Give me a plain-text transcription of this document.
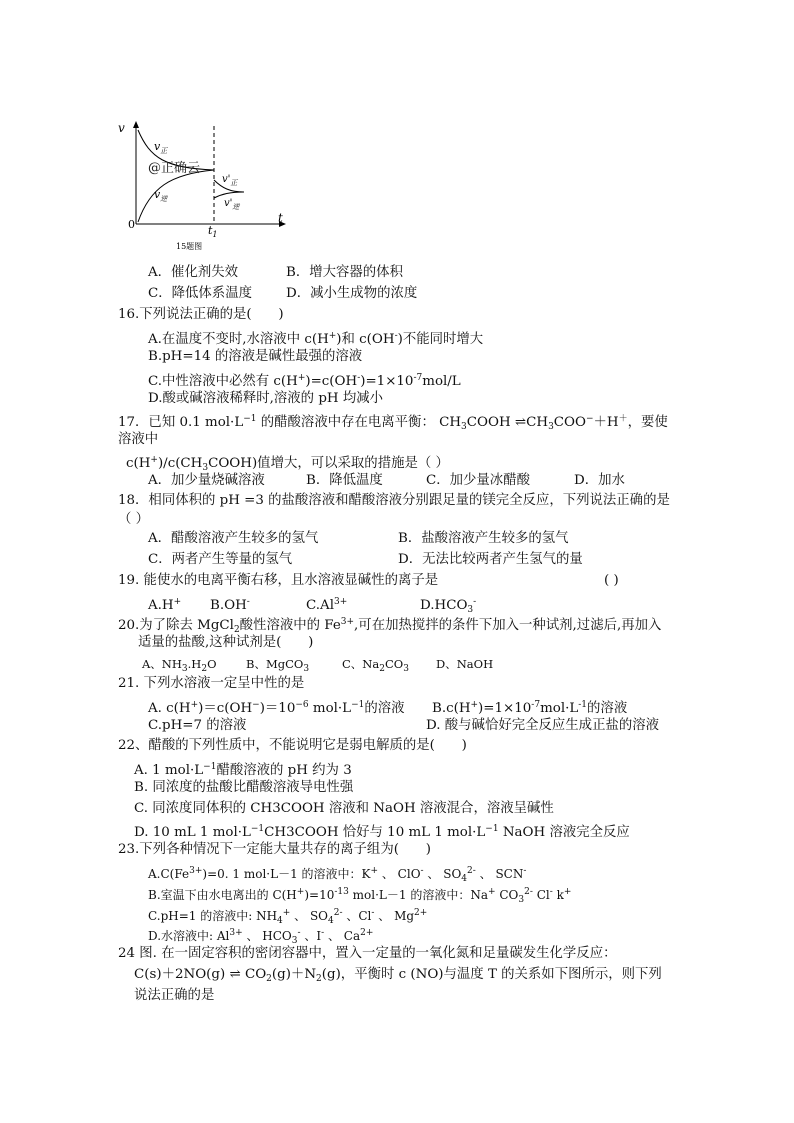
v
t
0
$v_正$
$v_逆$
$v'_正$
$v'_逆$
$t_1$
@正确云
15题图
A．催化剂失效	B．增大容器的体积
C．降低体系温度	D．减小生成物的浓度
16.下列说法正确的是(　　)
A.在温度不变时,水溶液中 c(H+)和 c(OH-)不能同时增大
B.pH=14 的溶液是碱性最强的溶液
C.中性溶液中必然有 $c(H^+)=c(OH^-)=1\times 10^{-7}mol/L$
D.酸或碱溶液稀释时,溶液的 pH 均减小
17．已知 0.1 $mol\cdot L^{-1}$ 的醋酸溶液中存在电离平衡： $CH_3COOH$ $\rightleftharpoons CH_3COO^-+H^+$，要使
溶液中
$c(H^+)/c(CH_3COOH)$值增大，可以采取的措施是（ ）
A．加少量烧碱溶液	B．降低温度	C．加少量冰醋酸	D．加水
18．相同体积的 pH =3 的盐酸溶液和醋酸溶液分别跟足量的镁完全反应，下列说法正确的是
（ ）
A．醋酸溶液产生较多的氢气	B．盐酸溶液产生较多的氢气
C．两者产生等量的氢气	D．无法比较两者产生氢气的量
19. 能使水的电离平衡右移，且水溶液显碱性的离子是	( )
A.H+ B.OH-	$C.Al^{3+}$	$D.HCO_3^-$
20.为了除去 MgCl$_2$酸性溶液中的 $Fe^{3+}$,可在加热搅拌的条件下加入一种试剂,过滤后,再加入
适量的盐酸,这种试剂是(　　)
A、$NH_3.H_2O$	B、MgCO$_3$	C、$Na_2CO_3$ D、NaOH
21. 下列水溶液一定呈中性的是
A. $c(H^+)=c(OH^-)=10^{-6}$ $mol\cdot L^{-1}$的溶液 $B.c(H^+)=1\times 10^{-7}mol\cdot L^{-1}$的溶液
C.pH=7 的溶液	D. 酸与碱恰好完全反应生成正盐的溶液
22、醋酸的下列性质中，不能说明它是弱电解质的是(　　)
A. 1 $mol\cdot L^{-1}$醋酸溶液的 pH 约为 3
B. 同浓度的盐酸比醋酸溶液导电性强
C. 同浓度同体积的 CH3COOH 溶液和 NaOH 溶液混合，溶液呈碱性
D. 10 mL 1 $mol\cdot L^{-1}CH3COOH$ 恰好与 10 mL 1 $mol\cdot L^{-1}$ NaOH 溶液完全反应
23.下列各种情况下一定能大量共存的离子组为(　　)
$A.C(Fe^{3+})=0$. 1 mol·L－1 的溶液中：K+ 、 ClO- 、 $SO_4^{2-}$ 、 SCN-
B.室温下由水电离出的 $C(H^+)=10^{-13}$ mol·L－1 的溶液中：Na+ $CO_3^{2-}$ Cl- k+
C.pH=1 的溶液中: $NH_4^+$ 、 $SO_4^{2-}$ 、Cl- 、 $Mg^{2+}$
D.水溶液中: $Al^{3+}$ 、 $HCO_3^-$ 、I- 、 $Ca^{2+}$
24 图. 在一固定容积的密闭容器中，置入一定量的一氧化氮和足量碳发生化学反应：
C(s)＋2NO(g) ⇌ $CO_2(g)+N_2(g)$，平衡时 c (NO)与温度 T 的关系如下图所示，则下列
说法正确的是
